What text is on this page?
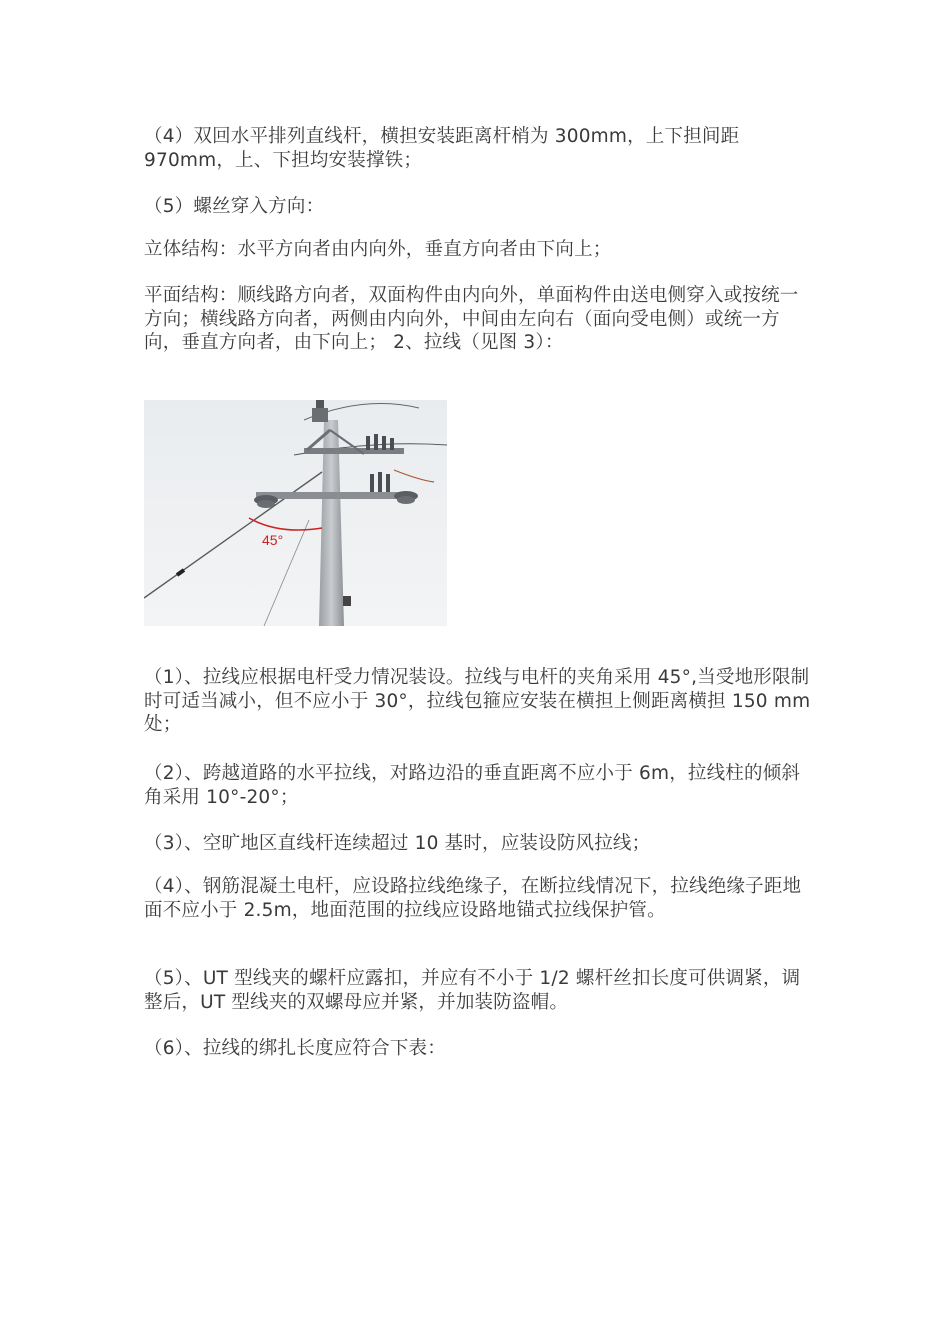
（4）双回水平排列直线杆，横担安装距离杆梢为 300mm，上下担间距 970mm，上、下担均安装撑铁；

（5）螺丝穿入方向：

立体结构：水平方向者由内向外，垂直方向者由下向上；

平面结构：顺线路方向者，双面构件由内向外，单面构件由送电侧穿入或按统一方向；横线路方向者，两侧由内向外，中间由左向右（面向受电侧）或统一方向，垂直方向者，由下向上； 2、拉线（见图 3）：

45°

（1）、拉线应根据电杆受力情况装设。拉线与电杆的夹角采用 45°,当受地形限制时可适当减小，但不应小于 30°，拉线包箍应安装在横担上侧距离横担 150 mm 处；

（2）、跨越道路的水平拉线，对路边沿的垂直距离不应小于 6m，拉线柱的倾斜角采用 10°-20°；

（3）、空旷地区直线杆连续超过 10 基时，应装设防风拉线；

（4）、钢筋混凝土电杆，应设路拉线绝缘子，在断拉线情况下，拉线绝缘子距地面不应小于 2.5m，地面范围的拉线应设路地锚式拉线保护管。

（5）、UT 型线夹的螺杆应露扣，并应有不小于 1/2 螺杆丝扣长度可供调紧，调整后，UT 型线夹的双螺母应并紧，并加装防盗帽。

（6）、拉线的绑扎长度应符合下表：
